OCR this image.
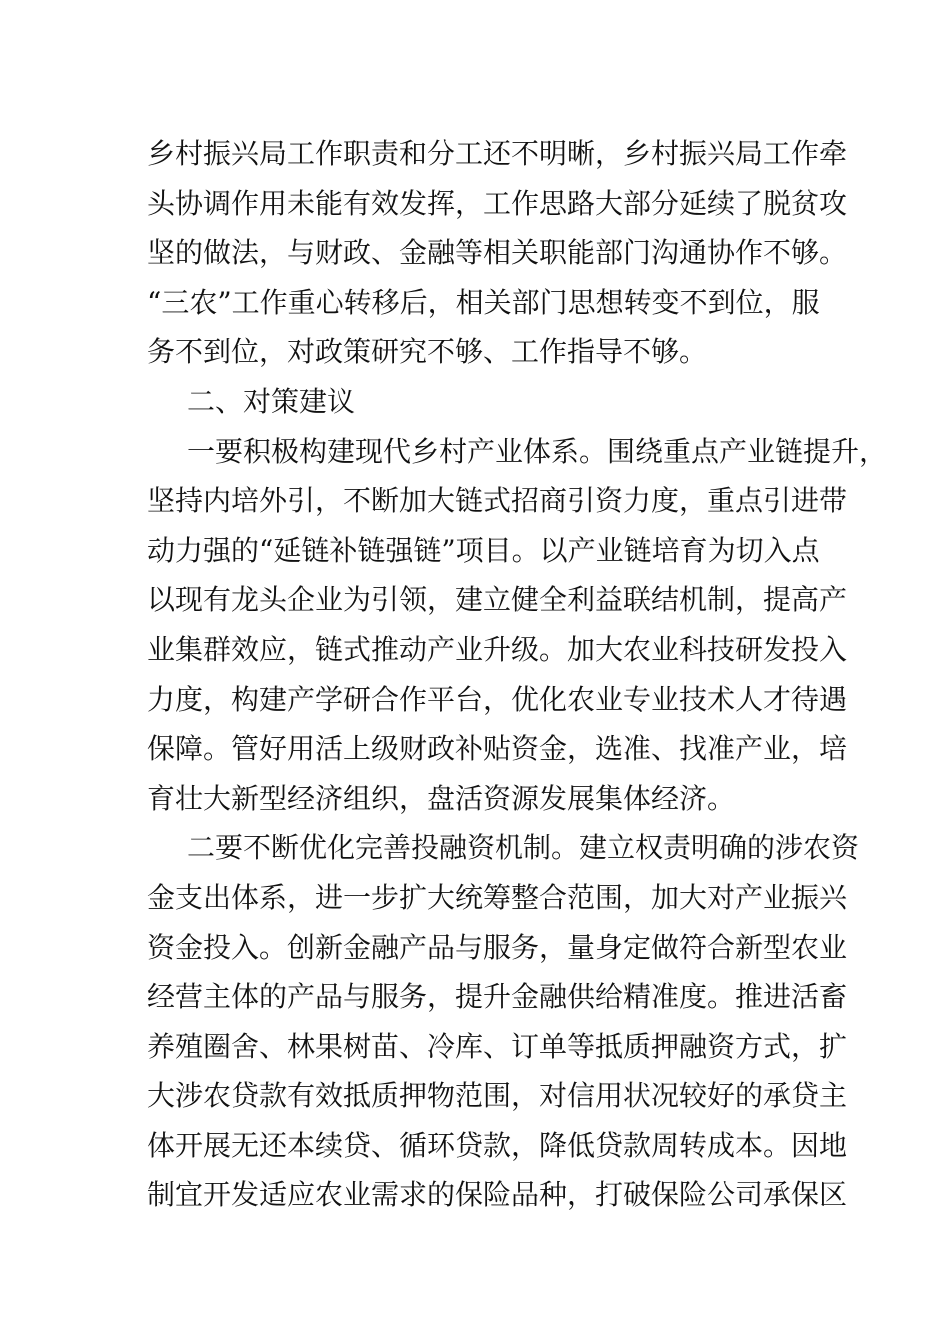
乡村振兴局工作职责和分工还不明晰，乡村振兴局工作牵
头协调作用未能有效发挥，工作思路大部分延续了脱贫攻
坚的做法，与财政、金融等相关职能部门沟通协作不够。
“三农”工作重心转移后，相关部门思想转变不到位，服
务不到位，对政策研究不够、工作指导不够。
二、对策建议
一要积极构建现代乡村产业体系。围绕重点产业链提升，
坚持内培外引，不断加大链式招商引资力度，重点引进带
动力强的“延链补链强链”项目。以产业链培育为切入点
以现有龙头企业为引领，建立健全利益联结机制，提高产
业集群效应，链式推动产业升级。加大农业科技研发投入
力度，构建产学研合作平台，优化农业专业技术人才待遇
保障。管好用活上级财政补贴资金，选准、找准产业，培
育壮大新型经济组织，盘活资源发展集体经济。
二要不断优化完善投融资机制。建立权责明确的涉农资
金支出体系，进一步扩大统筹整合范围，加大对产业振兴
资金投入。创新金融产品与服务，量身定做符合新型农业
经营主体的产品与服务，提升金融供给精准度。推进活畜
养殖圈舍、林果树苗、冷库、订单等抵质押融资方式，扩
大涉农贷款有效抵质押物范围，对信用状况较好的承贷主
体开展无还本续贷、循环贷款，降低贷款周转成本。因地
制宜开发适应农业需求的保险品种，打破保险公司承保区
